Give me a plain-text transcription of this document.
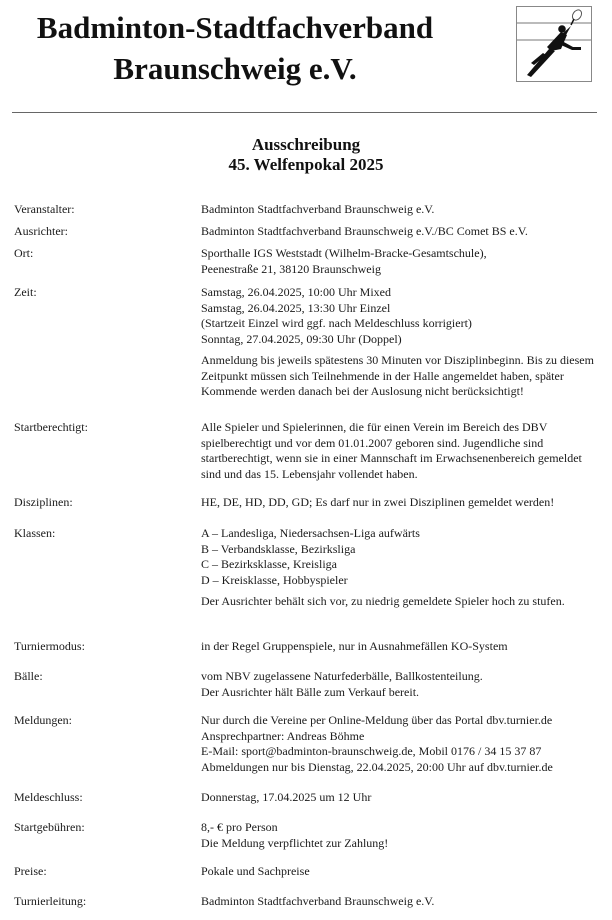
Badminton-Stadtfachverband
Braunschweig e.V.
Ausschreibung
45. Welfenpokal 2025
Veranstalter:	Badminton Stadtfachverband Braunschweig e.V.

Ausrichter:	Badminton Stadtfachverband Braunschweig e.V./BC Comet BS e.V.

Ort:	Sporthalle IGS Weststadt (Wilhelm-Bracke-Gesamtschule),

Peenestraße 21, 38120 Braunschweig

Zeit:	Samstag, 26.04.2025, 10:00 Uhr Mixed

Samstag, 26.04.2025, 13:30 Uhr Einzel

(Startzeit Einzel wird ggf. nach Meldeschluss korrigiert)

Sonntag, 27.04.2025, 09:30 Uhr (Doppel)

Anmeldung bis jeweils spätestens 30 Minuten vor Disziplinbeginn. Bis zu diesem Zeitpunkt müssen sich Teilnehmende in der Halle angemeldet haben, später Kommende werden danach bei der Auslosung nicht berücksichtigt!

Startberechtigt:	Alle Spieler und Spielerinnen, die für einen Verein im Bereich des DBV spielberechtigt und vor dem 01.01.2007 geboren sind. Jugendliche sind startberechtigt, wenn sie in einer Mannschaft im Erwachsenenbereich gemeldet sind und das 15. Lebensjahr vollendet haben.

Disziplinen:	HE, DE, HD, DD, GD; Es darf nur in zwei Disziplinen gemeldet werden!

Klassen:	A – Landesliga, Niedersachsen-Liga aufwärts

B – Verbandsklasse, Bezirksliga

C – Bezirksklasse, Kreisliga

D – Kreisklasse, Hobbyspieler

Der Ausrichter behält sich vor, zu niedrig gemeldete Spieler hoch zu stufen.

Turniermodus:	in der Regel Gruppenspiele, nur in Ausnahmefällen KO-System

Bälle:	vom NBV zugelassene Naturfederbälle, Ballkostenteilung.

Der Ausrichter hält Bälle zum Verkauf bereit.

Meldungen:	Nur durch die Vereine per Online-Meldung über das Portal dbv.turnier.de

Ansprechpartner: Andreas Böhme

E-Mail: sport@badminton-braunschweig.de, Mobil 0176 / 34 15 37 87

Abmeldungen nur bis Dienstag, 22.04.2025, 20:00 Uhr auf dbv.turnier.de

Meldeschluss:	Donnerstag, 17.04.2025 um 12 Uhr

Startgebühren:	8,- € pro Person

Die Meldung verpflichtet zur Zahlung!

Preise:	Pokale und Sachpreise

Turnierleitung:	Badminton Stadtfachverband Braunschweig e.V.
